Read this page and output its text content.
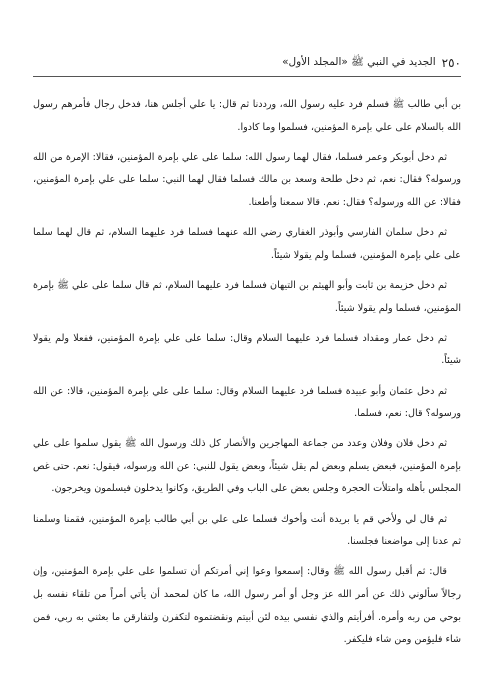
٢٥٠
الجديد في النبي ﷺ «المجلد الأول»

بن أبي طالب ﷺ فسلم فرد عليه رسول الله، ورددنا ثم قال: يا علي أجلس هنا، فدخل رجال فأمرهم رسول الله بالسلام على علي بإمرة المؤمنين، فسلموا وما كادوا.

ثم دخل أبوبكر وعمر فسلما، فقال لهما رسول الله: سلما على علي بإمرة المؤمنين، فقالا: الإمرة من الله ورسوله؟ فقال: نعم، ثم دخل طلحة وسعد بن مالك فسلما فقال لهما النبي: سلما على علي بإمرة المؤمنين، فقالا: عن الله ورسوله؟ فقال: نعم. قالا سمعنا وأطعنا.

ثم دخل سلمان الفارسي وأبوذر الغفاري رضي الله عنهما فسلما فرد عليهما السلام، ثم قال لهما سلما على علي بإمرة المؤمنين، فسلما ولم يقولا شيئاً.

ثم دخل خزيمة بن ثابت وأبو الهيثم بن التيهان فسلما فرد عليهما السلام، ثم قال سلما على علي ﷺ بإمرة المؤمنين، فسلما ولم يقولا شيئاً.

ثم دخل عمار ومقداد فسلما فرد عليهما السلام وقال: سلما على علي بإمرة المؤمنين، ففعلا ولم يقولا شيئاً.

ثم دخل عثمان وأبو عبيدة فسلما فرد عليهما السلام وقال: سلما على علي بإمرة المؤمنين، قالا: عن الله ورسوله؟ قال: نعم، فسلما.

ثم دخل فلان وفلان وعدد من جماعة المهاجرين والأنصار كل ذلك ورسول الله ﷺ يقول سلموا على علي بإمرة المؤمنين، فبعض يسلم وبعض لم يقل شيئاً، وبعض يقول للنبي: عن الله ورسوله، فيقول: نعم. حتى غص المجلس بأهله وامتلأت الحجرة وجلس بعض على الباب وفي الطريق، وكانوا يدخلون فيسلمون ويخرجون.

ثم قال لي ولأخي قم يا بريدة أنت وأخوك فسلما على علي بن أبي طالب بإمرة المؤمنين، فقمنا وسلمنا ثم عدنا إلى مواضعنا فجلسنا.

قال: ثم أقبل رسول الله ﷺ وقال: إسمعوا وعوا إني أمرتكم أن تسلموا على علي بإمرة المؤمنين، وإن رجالاً سألوني ذلك عن أمر الله عز وجل أو أمر رسول الله، ما كان لمحمد أن يأتي أمراً من تلقاء نفسه بل بوحي من ربه وأمره. أفرأيتم والذي نفسي بيده لئن أبيتم ونقضتموه لتكفرن ولتفارقن ما بعثني به ربي، فمن شاء فليؤمن ومن شاء فليكفر.
